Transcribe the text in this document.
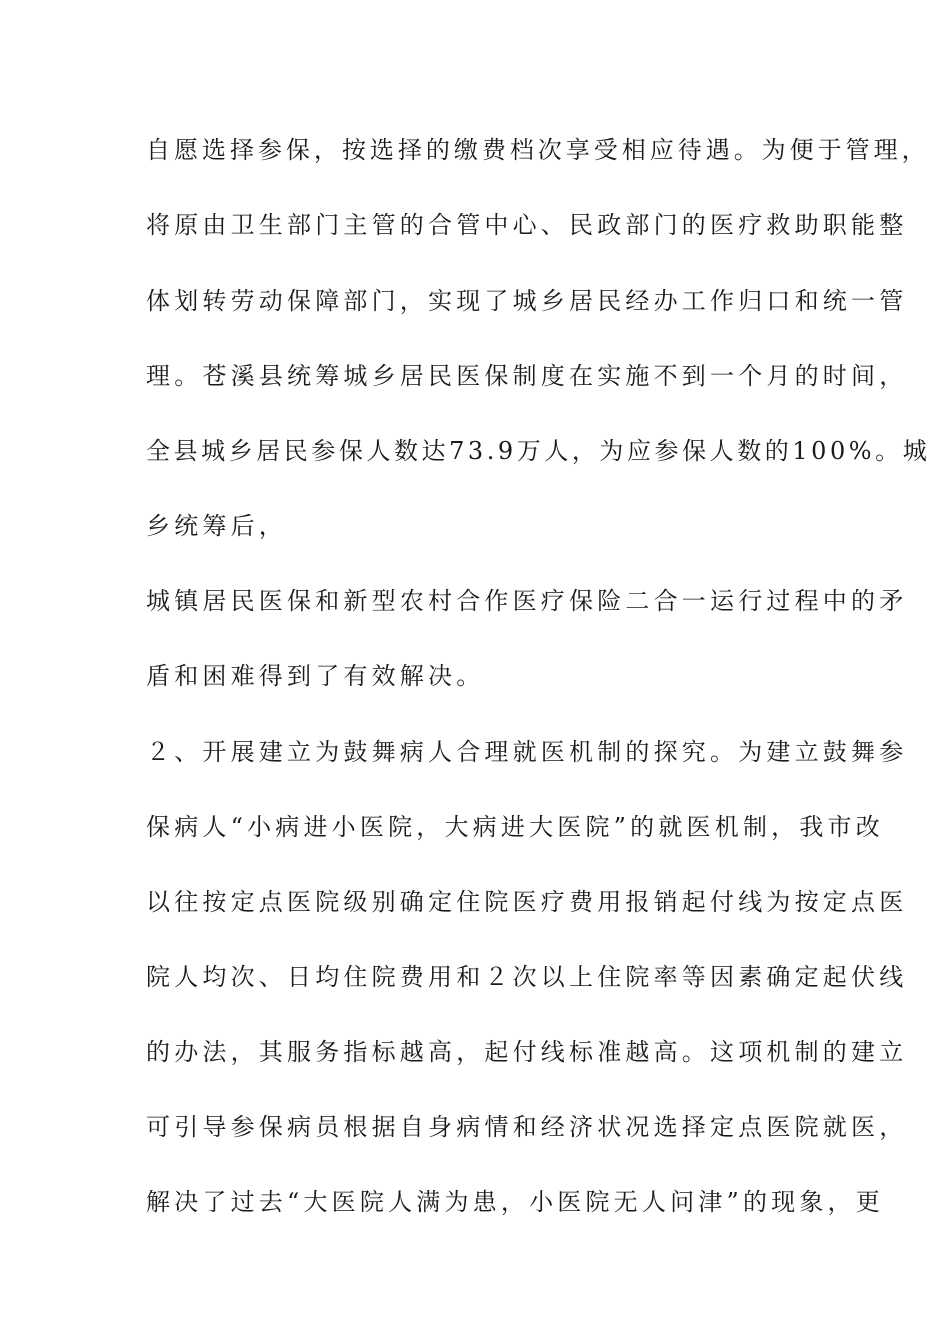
自愿选择参保，按选择的缴费档次享受相应待遇。为便于管理，
将原由卫生部门主管的合管中心、民政部门的医疗救助职能整
体划转劳动保障部门，实现了城乡居民经办工作归口和统一管
理。苍溪县统筹城乡居民医保制度在实施不到一个月的时间，
全县城乡居民参保人数达73.9万人，为应参保人数的100%。城
乡统筹后，
城镇居民医保和新型农村合作医疗保险二合一运行过程中的矛
盾和困难得到了有效解决。
２、开展建立为鼓舞病人合理就医机制的探究。为建立鼓舞参
保病人“小病进小医院，大病进大医院”的就医机制，我市改
以往按定点医院级别确定住院医疗费用报销起付线为按定点医
院人均次、日均住院费用和２次以上住院率等因素确定起伏线
的办法，其服务指标越高，起付线标准越高。这项机制的建立
可引导参保病员根据自身病情和经济状况选择定点医院就医，
解决了过去“大医院人满为患，小医院无人问津”的现象，更
